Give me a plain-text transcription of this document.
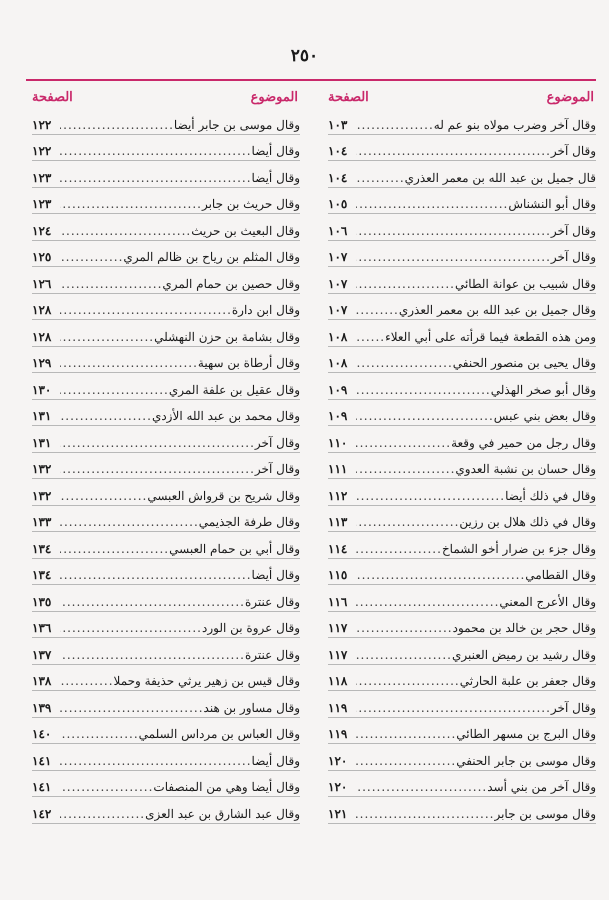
٢٥٠
الموضوع
الصفحة
وقال آخر وضرب مولاه بنو عم له
.....
١٠٣
وقال آخر
.....
١٠٤
قال جميل بن عبد الله بن معمر العذري
.....
١٠٤
وقال أبو النشناش
.....
١٠٥
وقال آخر
.....
١٠٦
وقال آخر
.....
١٠٧
وقال شبيب بن عوانة الطائي
.....
١٠٧
وقال جميل بن عبد الله بن معمر العذري
.....
١٠٧
ومن هذه القطعة فيما قرأته على أبي العلاء
.....
١٠٨
وقال يحيى بن منصور الحنفي
.....
١٠٨
وقال أبو صخر الهذلي
.....
١٠٩
وقال بعض بني عبس
.....
١٠٩
وقال رجل من حمير في وقعة
.....
١١٠
وقال حسان بن نشبة العدوي
.....
١١١
وقال في ذلك أيضا
.....
١١٢
وقال في ذلك هلال بن رزين
.....
١١٣
وقال جزء بن ضرار أخو الشماخ
.....
١١٤
وقال القطامي
.....
١١٥
وقال الأعرج المعني
.....
١١٦
وقال حجر بن خالد بن محمود
.....
١١٧
وقال رشيد بن رميض العنبري
.....
١١٧
وقال جعفر بن علبة الحارثي
.....
١١٨
وقال آخر
.....
١١٩
وقال البرج بن مسهر الطائي
.....
١١٩
وقال موسى بن جابر الحنفي
.....
١٢٠
وقال آخر من بني أسد
.....
١٢٠
وقال موسى بن جابر
.....
١٢١
الموضوع
الصفحة
وقال موسى بن جابر أيضا
.....
١٢٢
وقال أيضا
.....
١٢٢
وقال أيضا
.....
١٢٣
وقال حريث بن جابر
.....
١٢٣
وقال البعيث بن حريث
.....
١٢٤
وقال المثلم بن رياح بن ظالم المري
.....
١٢٥
وقال حصين بن حمام المري
.....
١٢٦
وقال ابن دارة
.....
١٢٨
وقال بشامة بن حزن النهشلي
.....
١٢٨
وقال أرطاة بن سهية
.....
١٢٩
وقال عقيل بن علفة المري
.....
١٣٠
وقال محمد بن عبد الله الأزدي
.....
١٣١
وقال آخر
.....
١٣١
وقال آخر
.....
١٣٢
وقال شريح بن قرواش العبسي
.....
١٣٢
وقال طرفة الجذيمي
.....
١٣٣
وقال أبي بن حمام العبسي
.....
١٣٤
وقال أيضا
.....
١٣٤
وقال عنترة
.....
١٣٥
وقال عروة بن الورد
.....
١٣٦
وقال عنترة
.....
١٣٧
وقال قيس بن زهير يرثي حذيفة وحملا
.....
١٣٨
وقال مساور بن هند
.....
١٣٩
وقال العباس بن مرداس السلمي
.....
١٤٠
وقال أيضا
.....
١٤١
وقال أيضا وهي من المنصفات
.....
١٤١
وقال عبد الشارق بن عبد العزى
.....
١٤٢
